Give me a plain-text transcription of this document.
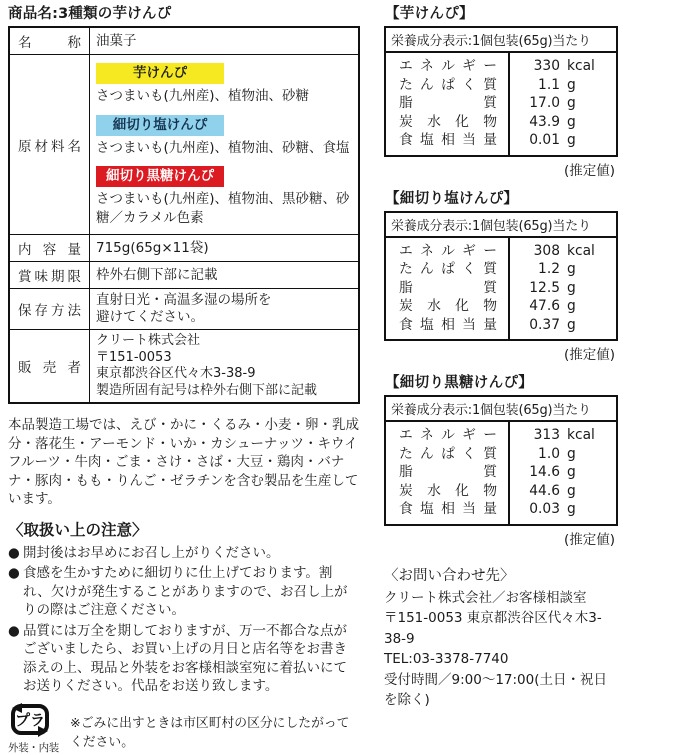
商品名:3種類の芋けんぴ
名称 油菓子
原材料名
芋けんぴ
さつまいも(九州産)、植物油、砂糖
細切り塩けんぴ
さつまいも(九州産)、植物油、砂糖、食塩
細切り黒糖けんぴ
さつまいも(九州産)、植物油、黒砂糖、砂糖／カラメル色素
内容量 715g(65g×11袋)
賞味期限 枠外右側下部に記載
保存方法
直射日光・高温多湿の場所を
避けてください。
販売者
クリート株式会社
〒151-0053
東京都渋谷区代々木3-38-9
製造所固有記号は枠外右側下部に記載
本品製造工場では、えび・かに・くるみ・小麦・卵・乳成分・落花生・アーモンド・いか・カシューナッツ・キウイフルーツ・牛肉・ごま・さけ・さば・大豆・鶏肉・バナナ・豚肉・もも・りんご・ゼラチンを含む製品を生産しています。
〈取扱い上の注意〉
● 開封後はお早めにお召し上がりください。
● 食感を生かすために細切りに仕上げております。割れ、欠けが発生することがありますので、お召し上がりの際はご注意ください。
● 品質には万全を期しておりますが、万一不都合な点がございましたら、お買い上げの月日と店名等をお書き添えの上、現品と外装をお客様相談室宛に着払いにてお送りください。代品をお送り致します。
プラ
外装・内装
※ごみに出すときは市区町村の区分にしたがってください。
【芋けんぴ】
栄養成分表示:1個包装(65g)当たり
エネルギー
たんぱく質
脂質
炭水化物
食塩相当量
330 kcal
1.1 g
17.0 g
43.9 g
0.01 g
(推定値)
【細切り塩けんぴ】
栄養成分表示:1個包装(65g)当たり
エネルギー
たんぱく質
脂質
炭水化物
食塩相当量
308 kcal
1.2 g
12.5 g
47.6 g
0.37 g
(推定値)
【細切り黒糖けんぴ】
栄養成分表示:1個包装(65g)当たり
エネルギー
たんぱく質
脂質
炭水化物
食塩相当量
313 kcal
1.0 g
14.6 g
44.6 g
0.03 g
(推定値)
〈お問い合わせ先〉
クリート株式会社／お客様相談室
〒151-0053 東京都渋谷区代々木3-38-9
TEL:03-3378-7740
受付時間／9:00～17:00(土日・祝日を除く)
